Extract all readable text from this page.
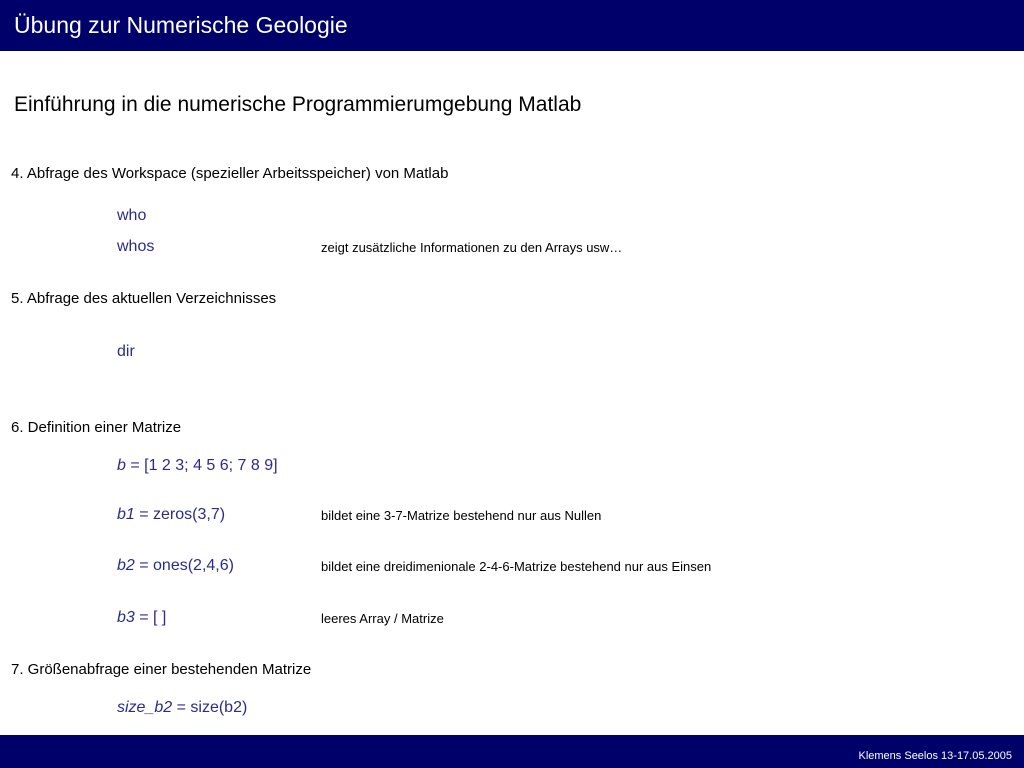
Übung zur Numerische Geologie
Einführung in die numerische Programmierumgebung Matlab
4. Abfrage des Workspace (spezieller Arbeitsspeicher) von Matlab
who
whos	zeigt zusätzliche Informationen zu den Arrays usw…
5. Abfrage des aktuellen Verzeichnisses
dir
6. Definition einer Matrize
b = [1 2 3; 4 5 6; 7 8 9]
b1 = zeros(3,7)	bildet eine 3-7-Matrize bestehend nur aus Nullen
b2 = ones(2,4,6)	bildet eine dreidimenionale 2-4-6-Matrize bestehend nur aus Einsen
b3 = [ ]	leeres Array / Matrize
7. Größenabfrage einer bestehenden Matrize
size_b2 = size(b2)
Klemens Seelos 13-17.05.2005
